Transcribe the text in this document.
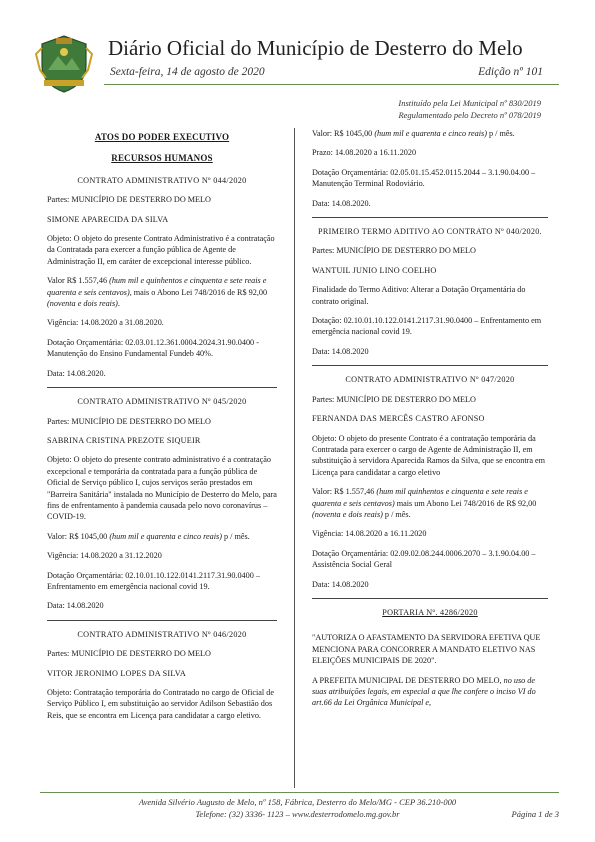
Diário Oficial do Município de Desterro do Melo
Sexta-feira, 14 de agosto de 2020	Edição nº 101
Instituído pela Lei Municipal nº 830/2019
Regulamentado pelo Decreto nº 078/2019
ATOS DO PODER EXECUTIVO
RECURSOS HUMANOS
CONTRATO ADMINISTRATIVO Nº 044/2020

Partes: MUNICÍPIO DE DESTERRO DO MELO

SIMONE APARECIDA DA SILVA

Objeto: O objeto do presente Contrato Administrativo é a contratação da Contratada para exercer a função pública de Agente de Administração II, em caráter de excepcional interesse público.

Valor R$ 1.557,46 (hum mil e quinhentos e cinquenta e sete reais e quarenta e seis centavos), mais o Abono Lei 748/2016 de R$ 92,00 (noventa e dois reais).

Vigência: 14.08.2020 a 31.08.2020.

Dotação Orçamentária: 02.03.01.12.361.0004.2024.31.90.0400 - Manutenção do Ensino Fundamental Fundeb 40%.

Data: 14.08.2020.

CONTRATO ADMINISTRATIVO Nº 045/2020

Partes: MUNICÍPIO DE DESTERRO DO MELO

SABRINA CRISTINA PREZOTE SIQUEIR

Objeto: O objeto do presente contrato administrativo é a contratação excepcional e temporária da contratada para a função pública de Oficial de Serviço público I, cujos serviços serão prestados em "Barreira Sanitária" instalada no Município de Desterro do Melo, para fins de enfrentamento à pandemia causada pelo novo coronavírus – COVID-19.

Valor: R$ 1045,00 (hum mil e quarenta e cinco reais) p / mês.

Vigência: 14.08.2020 a 31.12.2020

Dotação Orçamentária: 02.10.01.10.122.0141.2117.31.90.0400 – Enfrentamento em emergência nacional covid 19.

Data: 14.08.2020

CONTRATO ADMINISTRATIVO Nº 046/2020

Partes: MUNICÍPIO DE DESTERRO DO MELO

VITOR JERONIMO LOPES DA SILVA

Objeto: Contratação temporária do Contratado no cargo de Oficial de Serviço Público I, em substituição ao servidor Adilson Sebastião dos Reis, que se encontra em Licença para candidatar a cargo eletivo.

Valor: R$ 1045,00 (hum mil e quarenta e cinco reais) p / mês.

Prazo: 14.08.2020 a 16.11.2020

Dotação Orçamentária: 02.05.01.15.452.0115.2044 – 3.1.90.04.00 – Manutenção Terminal Rodoviário.

Data: 14.08.2020.

PRIMEIRO TERMO ADITIVO AO CONTRATO Nº 040/2020.

Partes: MUNICÍPIO DE DESTERRO DO MELO

WANTUIL JUNIO LINO COELHO

Finalidade do Termo Aditivo: Alterar a Dotação Orçamentária do contrato original.

Dotação: 02.10.01.10.122.0141.2117.31.90.0400 – Enfrentamento em emergência nacional covid 19.

Data: 14.08.2020

CONTRATO ADMINISTRATIVO Nº 047/2020

Partes: MUNICÍPIO DE DESTERRO DO MELO

FERNANDA DAS MERCÊS CASTRO AFONSO

Objeto: O objeto do presente Contrato é a contratação temporária da Contratada para exercer o cargo de Agente de Administração II, em substituição à servidora Aparecida Ramos da Silva, que se encontra em Licença para candidatar a cargo eletivo

Valor: R$ 1.557,46 (hum mil quinhentos e cinquenta e sete reais e quarenta e seis centavos) mais um Abono Lei 748/2016 de R$ 92,00 (noventa e dois reais) p / mês.

Vigência: 14.08.2020 a 16.11.2020

Dotação Orçamentária: 02.09.02.08.244.0006.2070 – 3.1.90.04.00 – Assistência Social Geral

Data: 14.08.2020

PORTARIA Nº. 4286/2020

"AUTORIZA O AFASTAMENTO DA SERVIDORA EFETIVA QUE MENCIONA PARA CONCORRER A MANDATO ELETIVO NAS ELEIÇÕES MUNICIPAIS DE 2020".

A PREFEITA MUNICIPAL DE DESTERRO DO MELO, no uso de suas atribuições legais, em especial a que lhe confere o inciso VI do art.66 da Lei Orgânica Municipal e,

Avenida Silvério Augusto de Melo, nº 158, Fábrica, Desterro do Melo/MG - CEP 36.210-000
Telefone: (32) 3336- 1123 – www.desterrodomelo.mg.gov.br	Página 1 de 3
